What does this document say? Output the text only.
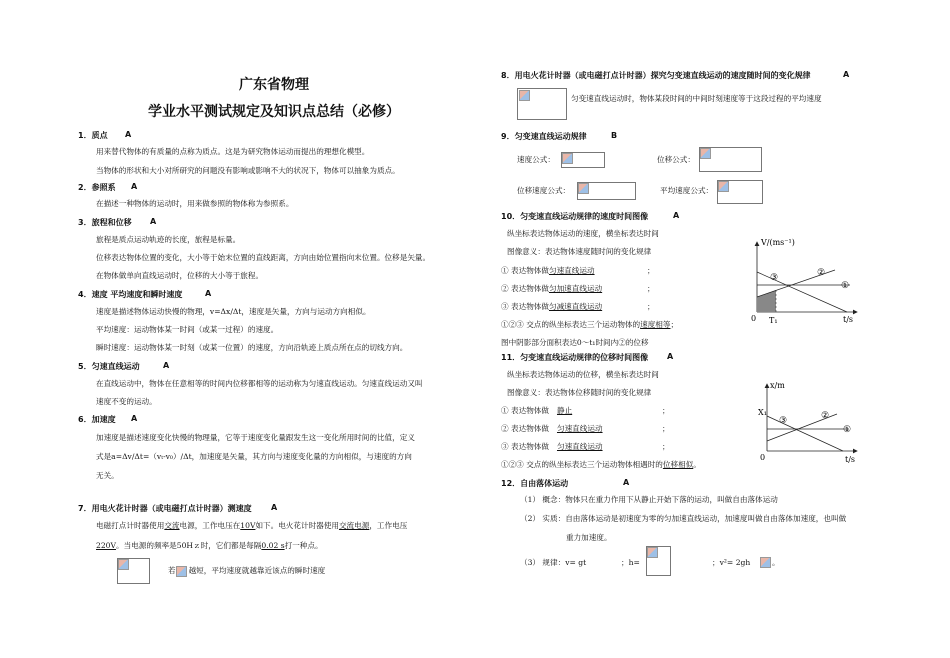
广东省物理
学业水平测试规定及知识点总结（必修）
1．质点 A
用来替代物体的有质量的点称为质点。这是为研究物体运动而提出的理想化模型。
当物体的形状和大小对所研究的问题没有影响或影响不大的状况下，物体可以抽象为质点。
2．参照系 A
在描述一种物体的运动时，用来做参照的物体称为参照系。
3．旅程和位移 A
旅程是质点运动轨迹的长度，旅程是标量。
位移表达物体位置的变化，大小等于始末位置的直线距离，方向由始位置指向末位置。位移是矢量。
在物体做单向直线运动时，位移的大小等于旅程。
4．速度 平均速度和瞬时速度	A
速度是描述物体运动快慢的物理，v=Δx/Δt，速度是矢量，方向与运动方向相似。
平均速度：运动物体某一时间（或某一过程）的速度。
瞬时速度：运动物体某一时刻（或某一位置）的速度，方向沿轨迹上质点所在点的切线方向。
5．匀速直线运动	A
在直线运动中，物体在任意相等的时间内位移都相等的运动称为匀速直线运动。匀速直线运动又叫
速度不变的运动。
6．加速度 A
加速度是描述速度变化快慢的物理量，它等于速度变化量跟发生这一变化所用时间的比值，定义
式是a=Δv/Δt=（vₜ-v₀）/Δt，加速度是矢量，其方向与速度变化量的方向相似，与速度的方向
无关。
7．用电火花计时器（或电磁打点计时器）测速度 A
电磁打点计时器使用交流电源，工作电压在10V如下。电火花计时器使用交流电源，工作电压
220V。当电源的频率是50Hｚ时，它们都是每隔0.02 s打一种点。
若 越短，平均速度就越靠近该点的瞬时速度
8．用电火花计时器（或电磁打点计时器）探究匀变速直线运动的速度随时间的变化规律	A
匀变速直线运动时，物体某段时间的中间时刻速度等于这段过程的平均速度
9．匀变速直线运动规律	B
速度公式：	位移公式：
位移速度公式：	平均速度公式：
10．匀变速直线运动规律的速度时间图像	A
纵坐标表达物体运动的速度，横坐标表达时间
图像意义：表达物体速度随时间的变化规律
① 表达物体做匀速直线运动	；
② 表达物体做匀加速直线运动	；
③ 表达物体做匀减速直线运动	；
①②③ 交点的纵坐标表达三个运动物体的速度相等；
图中阴影部分面积表达0～t₁时间内②的位移
V/(ms⁻¹)
t/s
0 T₁
①
②
③
11．匀变速直线运动规律的位移时间图像 A
纵坐标表达物体运动的位移，横坐标表达时间
图像意义：表达物体位移随时间的变化规律
① 表达物体做 静止	；
② 表达物体做 匀速直线运动	；
③ 表达物体做 匀速直线运动	；
①②③ 交点的纵坐标表达三个运动物体相遇时的位移相似。
x/m
t/s
0
X₁
①
②
③
12．自由落体运动	A
（1） 概念：物体只在重力作用下从静止开始下落的运动，叫做自由落体运动
（2） 实质：自由落体运动是初速度为零的匀加速直线运动，加速度叫做自由落体加速度，也叫做
重力加速度。
（3） 规律：v= gt	；h=	；v²= 2gh	。
